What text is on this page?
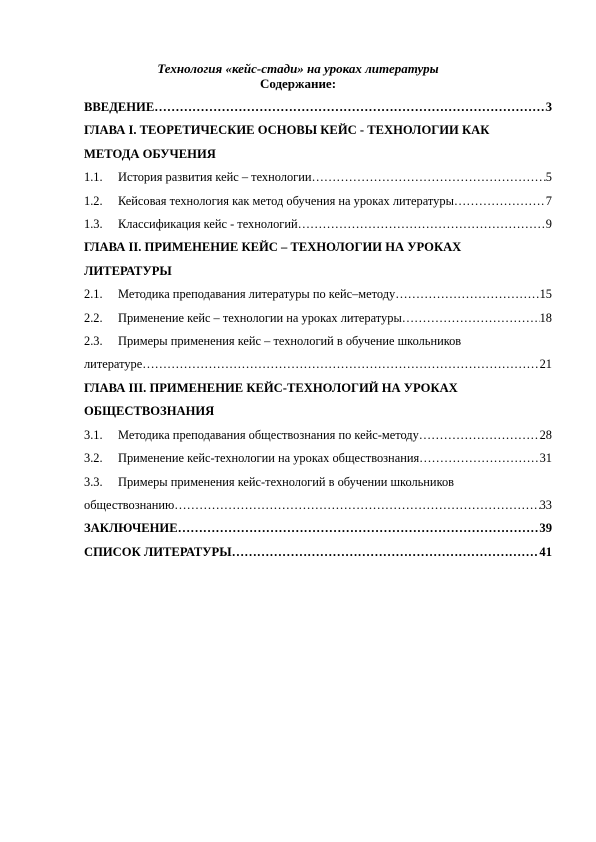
Технология «кейс-стади» на уроках литературы
Содержание:
ВВЕДЕНИЕ …………………………………………………………………………………………………………………………………………………	3
ГЛАВА I. ТЕОРЕТИЧЕСКИЕ ОСНОВЫ КЕЙС - ТЕХНОЛОГИИ КАК
МЕТОДА ОБУЧЕНИЯ
1.1.	История развития кейс – технологии …………………………………………………………………………………………………………………………………………………	5
1.2.	Кейсовая технология как метод обучения на уроках литературы …………………………………………………………………………………………………………………………………………………	7
1.3.	Классификация кейс - технологий …………………………………………………………………………………………………………………………………………………	9
ГЛАВА II. ПРИМЕНЕНИЕ КЕЙС – ТЕХНОЛОГИИ НА УРОКАХ
ЛИТЕРАТУРЫ
2.1.	Методика преподавания литературы по кейс–методу …………………………………………………………………………………………………………………………………………………	15
2.2.	Применение кейс – технологии на уроках литературы …………………………………………………………………………………………………………………………………………………	18
2.3. Примеры применения кейс – технологий в обучение школьников
литературе …………………………………………………………………………………………………………………………………………………	21
ГЛАВА III. ПРИМЕНЕНИЕ КЕЙС-ТЕХНОЛОГИЙ НА УРОКАХ
ОБЩЕСТВОЗНАНИЯ
3.1.	Методика преподавания обществознания по кейс-методу …………………………………………………………………………………………………………………………………………………	28
3.2.	Применение кейс-технологии на уроках обществознания …………………………………………………………………………………………………………………………………………………	31
3.3. Примеры применения кейс-технологий в обучении школьников
обществознанию …………………………………………………………………………………………………………………………………………………	33
ЗАКЛЮЧЕНИЕ …………………………………………………………………………………………………………………………………………………	39
СПИСОК ЛИТЕРАТУРЫ …………………………………………………………………………………………………………………………………………………	41
